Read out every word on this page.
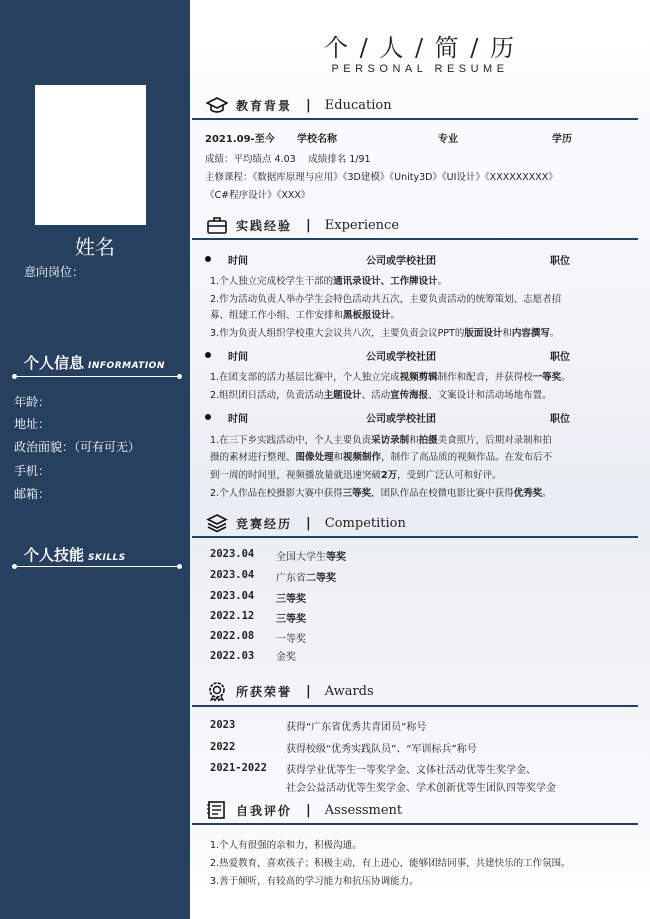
姓名
意向岗位：
个人信息 INFORMATION
年龄：
地址：
政治面貌：（可有可无）
手机：
邮箱：
个人技能 SKILLS
个 / 人 / 简 / 历
PERSONAL RESUME
教育背景 | Education
2021.09-至今 学校名称	专业	学历
成绩：平均绩点 4.03　 成绩排名 1/91
主修课程：《数据库原理与应用》《3D建模》《Unity3D》《UI设计》《XXXXXXXXX》
《C#程序设计》《XXX》
实践经验 | Experience
时间	公司或学校社团	职位
1.个人独立完成校学生干部的通讯录设计、工作牌设计。
2.作为活动负责人举办学生会特色活动共五次，主要负责活动的统筹策划、志愿者招
募、组建工作小组、工作安排和黑板报设计。
3.作为负责人组织学校重大会议共八次，主要负责会议PPT的版面设计和内容撰写。
时间	公司或学校社团	职位
1.在团支部的活力基层比赛中，个人独立完成视频剪辑制作和配音，并获得校一等奖。
2.组织团日活动，负责活动主题设计、活动宣传海报、文案设计和活动场地布置。
时间	公司或学校社团	职位
1.在三下乡实践活动中，个人主要负责采访录制和拍摄美食照片，后期对录制和拍
摄的素材进行整理、图像处理和视频制作，制作了高品质的视频作品。在发布后不
到一周的时间里，视频播放量就迅速突破2万，受到广泛认可和好评。
2.个人作品在校摄影大赛中获得三等奖，团队作品在校微电影比赛中获得优秀奖。
竞赛经历 | Competition
2023.04 全国大学生等奖
2023.04 广东省二等奖
2023.04 三等奖
2022.12 三等奖
2022.08 一等奖
2022.03 金奖
所获荣誉 | Awards
2023	获得“广东省优秀共青团员”称号
2022	获得校级“优秀实践队员”、“军训标兵”称号
2021-2022 获得学业优等生一等奖学金、文体社活动优等生奖学金、
社会公益活动优等生奖学金、学术创新优等生团队四等奖学金
自我评价 | Assessment
1.个人有很强的亲和力，积极沟通。
2.热爱教育，喜欢孩子；积极主动，有上进心，能够团结同事，共建快乐的工作氛围。
3.善于倾听，有较高的学习能力和抗压协调能力。
